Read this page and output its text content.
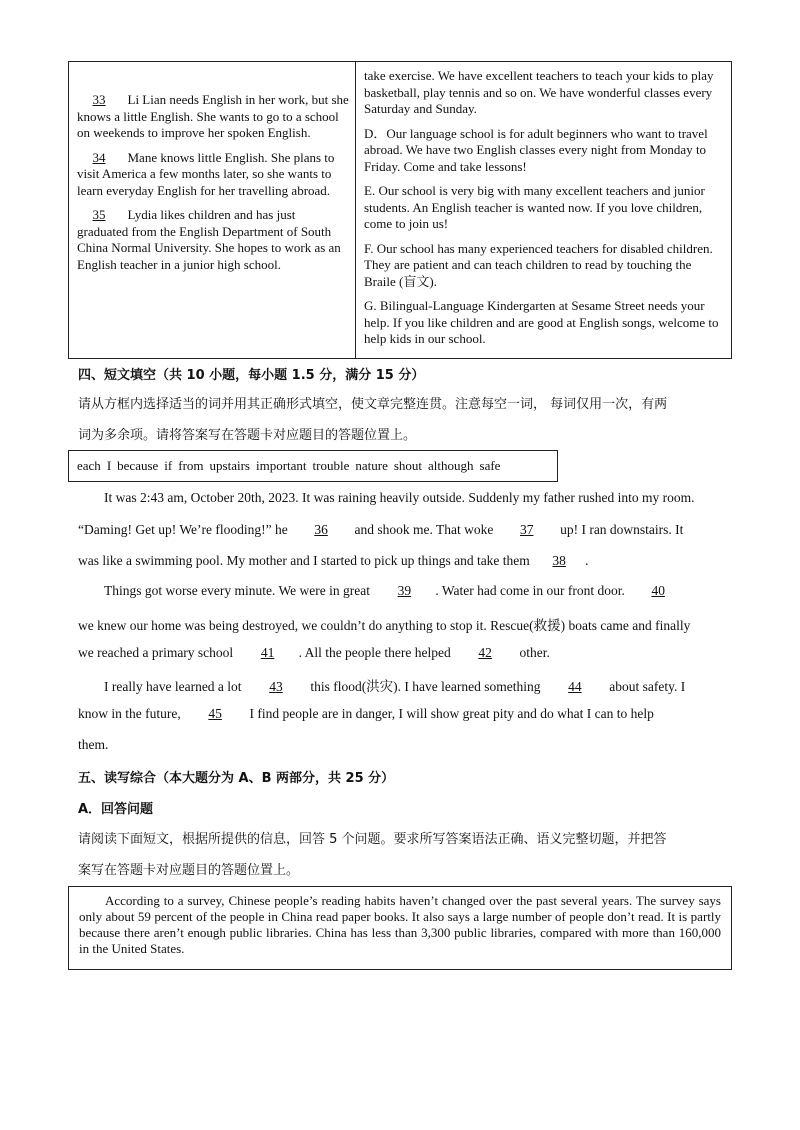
33 Li Lian needs English in her work, but she knows a little English. She wants to go to a school on weekends to improve her spoken English.

34 Mane knows little English. She plans to visit America a few months later, so she wants to learn everyday English for her travelling abroad.

35 Lydia likes children and has just graduated from the English Department of South China Normal University. She hopes to work as an English teacher in a junior high school.

take exercise. We have excellent teachers to teach your kids to play basketball, play tennis and so on. We have wonderful classes every Saturday and Sunday.

D．Our language school is for adult beginners who want to travel abroad. We have two English classes every night from Monday to Friday. Come and take lessons!

E. Our school is very big with many excellent teachers and junior students. An English teacher is wanted now. If you love children, come to join us!

F. Our school has many experienced teachers for disabled children. They are patient and can teach children to read by touching the Braile (盲文).

G. Bilingual-Language Kindergarten at Sesame Street needs your help. If you like children and are good at English songs, welcome to help kids in our school.

四、短文填空（共 10 小题，每小题 1.5 分，满分 15 分）
请从方框内选择适当的词并用其正确形式填空，使文章完整连贯。注意每空一词， 每词仅用一次，有两
词为多余项。请将答案写在答题卡对应题目的答题位置上。
each I because if from upstairs important trouble nature shout although safe
It was 2:43 am, October 20th, 2023. It was raining heavily outside. Suddenly my father rushed into my room.
“Daming! Get up! We’re flooding!” he 36 and shook me. That woke 37 up! I ran downstairs. It
was like a swimming pool. My mother and I started to pick up things and take them 38 .
Things got worse every minute. We were in great 39 . Water had come in our front door. 40
we knew our home was being destroyed, we couldn’t do anything to stop it. Rescue(救援) boats came and finally
we reached a primary school 41 . All the people there helped 42 other.
I really have learned a lot 43 this flood(洪灾). I have learned something 44 about safety. I
know in the future, 45 I find people are in danger, I will show great pity and do what I can to help
them.
五、读写综合（本大题分为 A、B 两部分，共 25 分）
A．回答问题
请阅读下面短文，根据所提供的信息，回答 5 个问题。要求所写答案语法正确、语义完整切题，并把答
案写在答题卡对应题目的答题位置上。

According to a survey, Chinese people’s reading habits haven’t changed over the past several years. The survey says only about 59 percent of the people in China read paper books. It also says a large number of people don’t read. It is partly because there aren’t enough public libraries. China has less than 3,300 public libraries, compared with more than 160,000 in the United States.
